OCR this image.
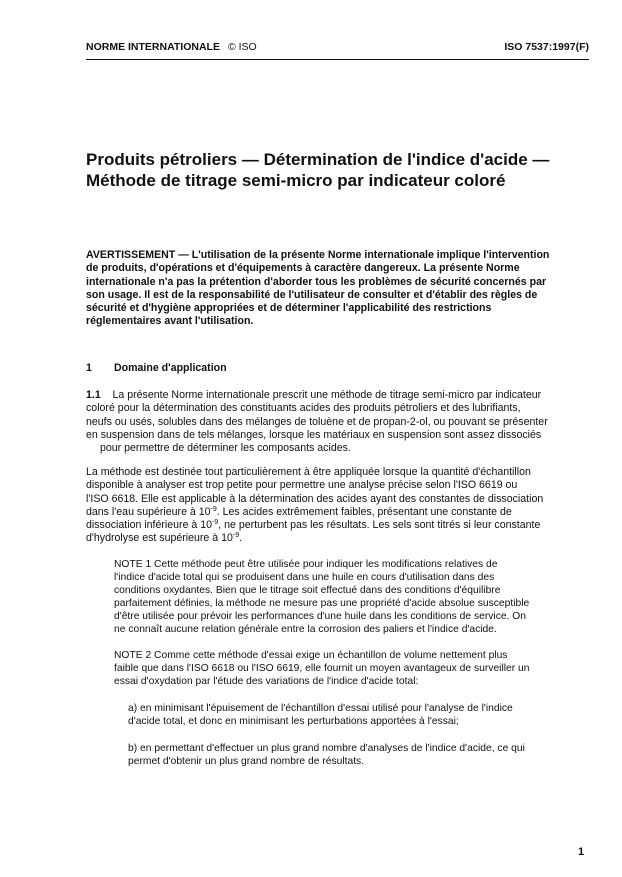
NORME INTERNATIONALE © ISO	ISO 7537:1997(F)
Produits pétroliers — Détermination de l'indice d'acide —
Méthode de titrage semi-micro par indicateur coloré
AVERTISSEMENT — L'utilisation de la présente Norme internationale implique l'intervention
de produits, d'opérations et d'équipements à caractère dangereux. La présente Norme
internationale n'a pas la prétention d'aborder tous les problèmes de sécurité concernés par
son usage. Il est de la responsabilité de l'utilisateur de consulter et d'établir des règles de
sécurité et d'hygiène appropriées et de déterminer l'applicabilité des restrictions
réglementaires avant l'utilisation.
1 Domaine d'application
1.1 La présente Norme internationale prescrit une méthode de titrage semi-micro par indicateur
coloré pour la détermination des constituants acides des produits pétroliers et des lubrifiants,
neufs ou usés, solubles dans des mélanges de toluène et de propan-2-ol, ou pouvant se présenter
en suspension dans de tels mélanges, lorsque les matériaux en suspension sont assez dissociés
pour permettre de déterminer les composants acides.
La méthode est destinée tout particulièrement à être appliquée lorsque la quantité d'échantillon
disponible à analyser est trop petite pour permettre une analyse précise selon l'ISO 6619 ou
l'ISO 6618. Elle est applicable à la détermination des acides ayant des constantes de dissociation
dans l'eau supérieure à $10^{-9}$. Les acides extrêmement faibles, présentant une constante de
dissociation inférieure à $10^{-9}$, ne perturbent pas les résultats. Les sels sont titrés si leur constante
d'hydrolyse est supérieure à $10^{-9}$.
NOTE 1 Cette méthode peut être utilisée pour indiquer les modifications relatives de
l'indice d'acide total qui se produisent dans une huile en cours d'utilisation dans des
conditions oxydantes. Bien que le titrage soit effectué dans des conditions d'équilibre
parfaitement définies, la méthode ne mesure pas une propriété d'acide absolue susceptible
d'être utilisée pour prévoir les performances d'une huile dans les conditions de service. On
ne connaît aucune relation générale entre la corrosion des paliers et l'indice d'acide.
NOTE 2 Comme cette méthode d'essai exige un échantillon de volume nettement plus
faible que dans l'ISO 6618 ou l'ISO 6619, elle fournit un moyen avantageux de surveiller un
essai d'oxydation par l'étude des variations de l'indice d'acide total:
a) en minimisant l'épuisement de l'échantillon d'essai utilisé pour l'analyse de l'indice
d'acide total, et donc en minimisant les perturbations apportées à l'essai;
b) en permettant d'effectuer un plus grand nombre d'analyses de l'indice d'acide, ce qui
permet d'obtenir un plus grand nombre de résultats.
1
